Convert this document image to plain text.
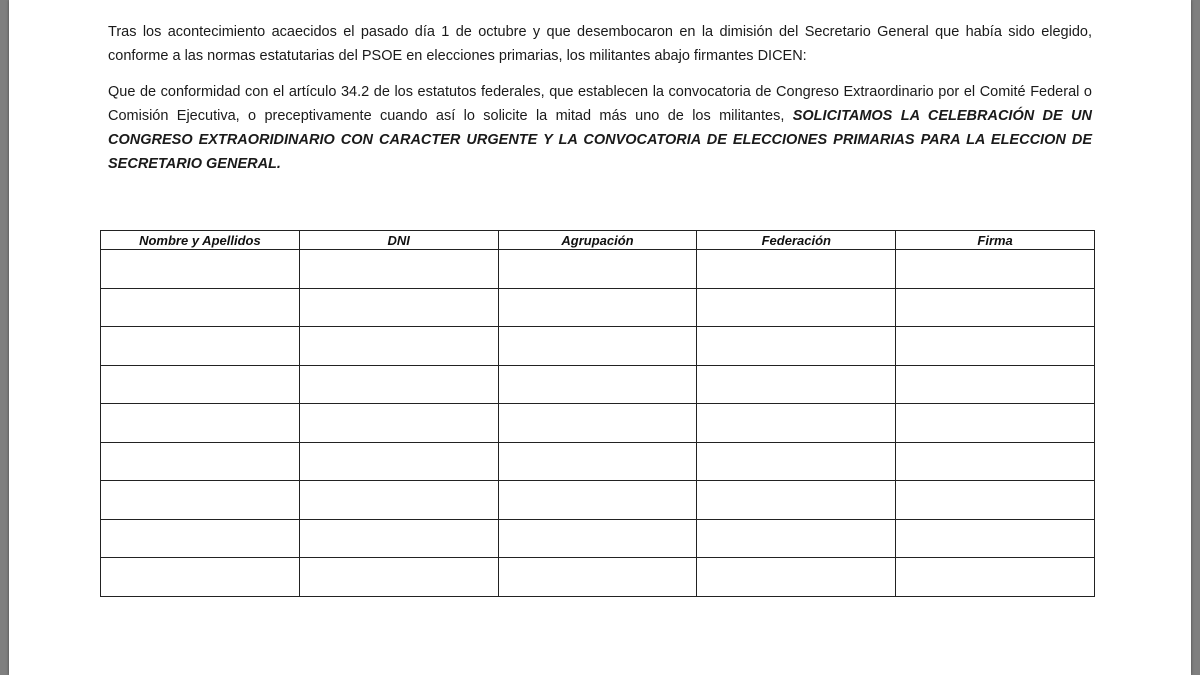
Tras los acontecimiento acaecidos el pasado día 1 de octubre y que desembocaron en la dimisión del Secretario General que había sido elegido, conforme a las normas estatutarias del PSOE en elecciones primarias, los militantes abajo firmantes DICEN:

Que de conformidad con el artículo 34.2 de los estatutos federales, que establecen la convocatoria de Congreso Extraordinario por el Comité Federal o Comisión Ejecutiva, o preceptivamente cuando así lo solicite la mitad más uno de los militantes, SOLICITAMOS LA CELEBRACIÓN DE UN CONGRESO EXTRAORIDINARIO CON CARACTER URGENTE Y LA CONVOCATORIA DE ELECCIONES PRIMARIAS PARA LA ELECCION DE SECRETARIO GENERAL.

Nombre y Apellidos	DNI	Agrupación	Federación	Firma
